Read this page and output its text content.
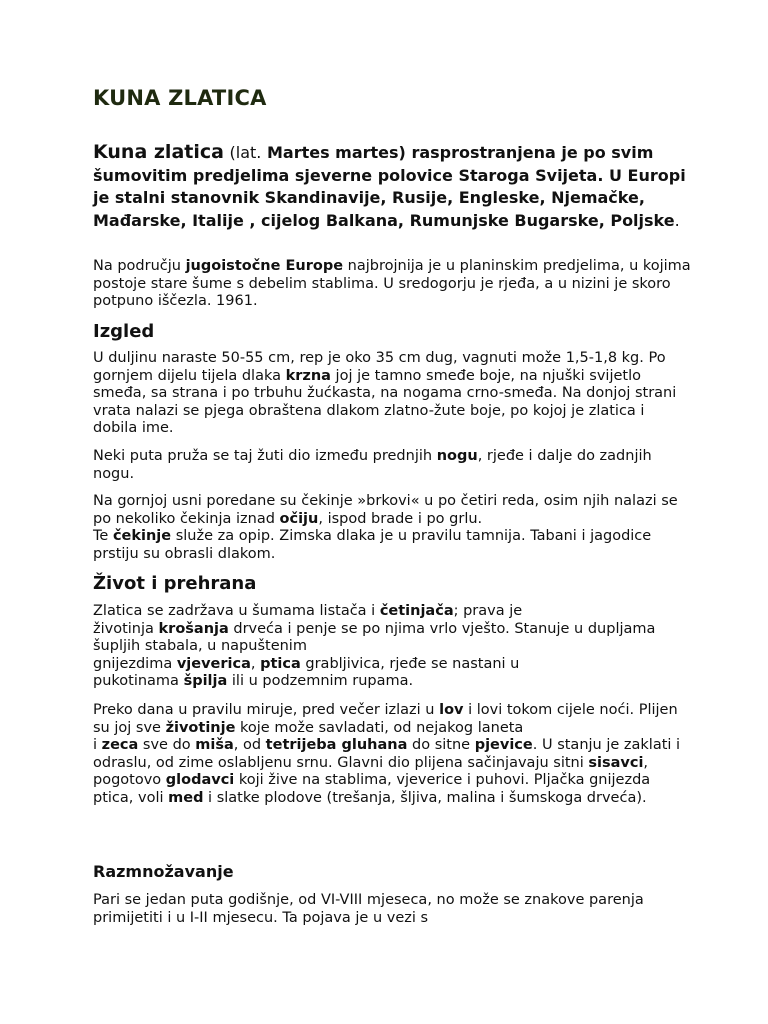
KUNA ZLATICA

Kuna zlatica (lat. Martes martes) rasprostranjena je po svim šumovitim predjelima sjeverne polovice Staroga Svijeta. U Europi je stalni stanovnik Skandinavije, Rusije, Engleske, Njemačke, Mađarske, Italije , cijelog Balkana, Rumunjske Bugarske, Poljske.

Na području jugoistočne Europe najbrojnija je u planinskim predjelima, u kojima postoje stare šume s debelim stablima. U sredogorju je rjeđa, a u nizini je skoro potpuno iščezla. 1961.

Izgled

U duljinu naraste 50-55 cm, rep je oko 35 cm dug, vagnuti može 1,5-1,8 kg. Po gornjem dijelu tijela dlaka krzna joj je tamno smeđe boje, na njuški svijetlo smeđa, sa strana i po trbuhu žućkasta, na nogama crno-smeđa. Na donjoj strani vrata nalazi se pjega obraštena dlakom zlatno-žute boje, po kojoj je zlatica i dobila ime.

Neki puta pruža se taj žuti dio između prednjih nogu, rjeđe i dalje do zadnjih nogu.

Na gornjoj usni poredane su čekinje »brkovi« u po četiri reda, osim njih nalazi se po nekoliko čekinja iznad očiju, ispod brade i po grlu.
Te čekinje služe za opip. Zimska dlaka je u pravilu tamnija. Tabani i jagodice prstiju su obrasli dlakom.

Život i prehrana

Zlatica se zadržava u šumama listača i četinjača; prava je
životinja krošanja drveća i penje se po njima vrlo vješto. Stanuje u dupljama šupljih stabala, u napuštenim
gnijezdima vjeverica, ptica grabljivica, rjeđe se nastani u
pukotinama špilja ili u podzemnim rupama.

Preko dana u pravilu miruje, pred večer izlazi u lov i lovi tokom cijele noći. Plijen su joj sve životinje koje može savladati, od nejakog laneta
i zeca sve do miša, od tetrijeba gluhana do sitne pjevice. U stanju je zaklati i odraslu, od zime oslabljenu srnu. Glavni dio plijena sačinjavaju sitni sisavci, pogotovo glodavci koji žive na stablima, vjeverice i puhovi. Pljačka gnijezda ptica, voli med i slatke plodove (trešanja, šljiva, malina i šumskoga drveća).

Razmnožavanje

Pari se jedan puta godišnje, od VI-VIII mjeseca, no može se znakove parenja primijetiti i u I-II mjesecu. Ta pojava je u vezi s
